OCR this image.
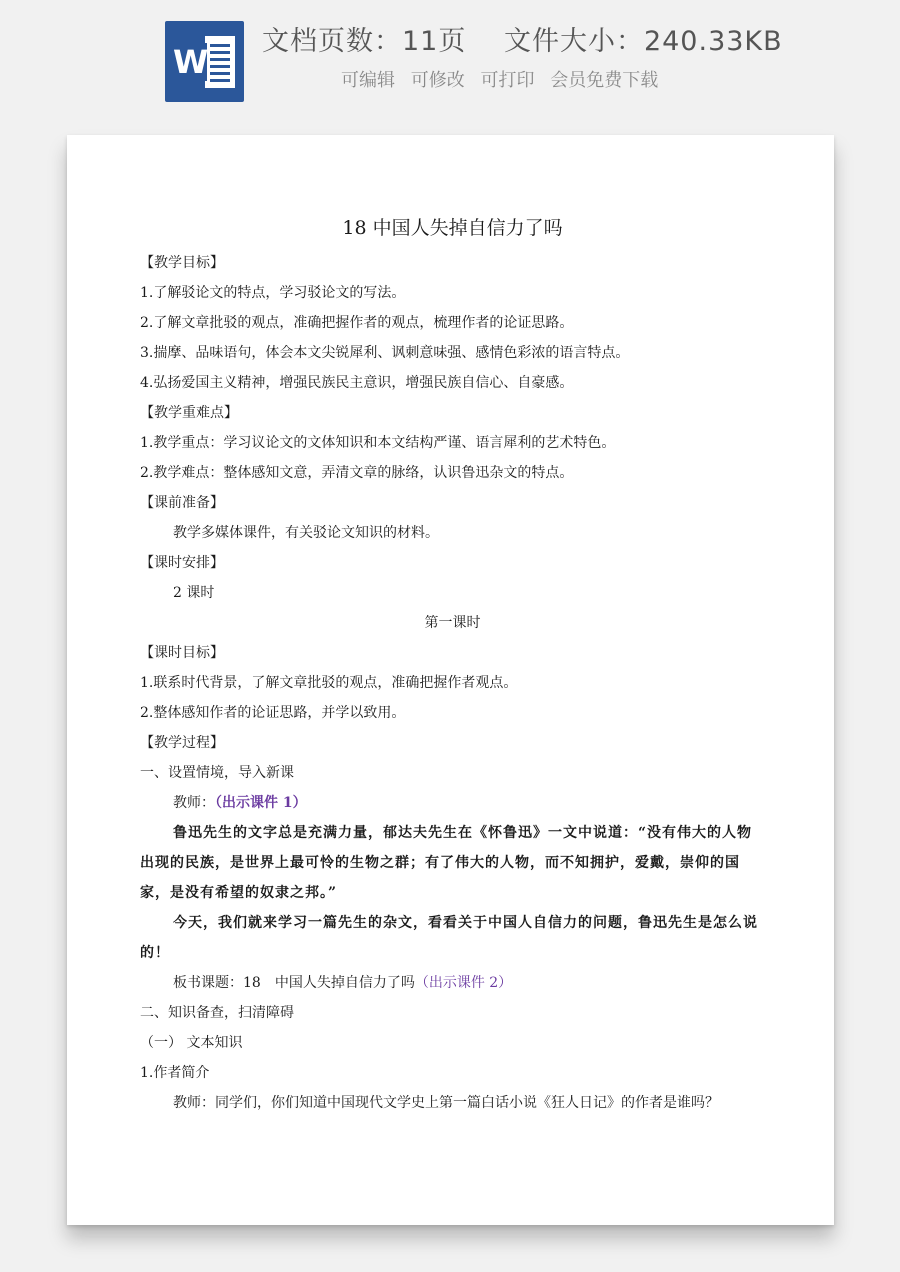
W
文档页数：11页 文件大小：240.33KB
可编辑 可修改 可打印 会员免费下载
18 中国人失掉自信力了吗
【教学目标】
1.了解驳论文的特点，学习驳论文的写法。
2.了解文章批驳的观点，准确把握作者的观点，梳理作者的论证思路。
3.揣摩、品味语句，体会本文尖锐犀利、讽刺意味强、感情色彩浓的语言特点。
4.弘扬爱国主义精神，增强民族民主意识，增强民族自信心、自豪感。
【教学重难点】
1.教学重点：学习议论文的文体知识和本文结构严谨、语言犀利的艺术特色。
2.教学难点：整体感知文意，弄清文章的脉络，认识鲁迅杂文的特点。
【课前准备】
教学多媒体课件，有关驳论文知识的材料。
【课时安排】
2 课时
第一课时
【课时目标】
1.联系时代背景，了解文章批驳的观点，准确把握作者观点。
2.整体感知作者的论证思路，并学以致用。
【教学过程】
一、设置情境，导入新课
教师：（出示课件 1）
鲁迅先生的文字总是充满力量，郁达夫先生在《怀鲁迅》一文中说道：“没有伟大的人物出现的民族，是世界上最可怜的生物之群；有了伟大的人物，而不知拥护，爱戴，崇仰的国家，是没有希望的奴隶之邦。”
今天，我们就来学习一篇先生的杂文，看看关于中国人自信力的问题，鲁迅先生是怎么说的！
板书课题：18　中国人失掉自信力了吗（出示课件 2）
二、知识备查，扫清障碍
（一） 文本知识
1.作者简介
教师：同学们，你们知道中国现代文学史上第一篇白话小说《狂人日记》的作者是谁吗？
